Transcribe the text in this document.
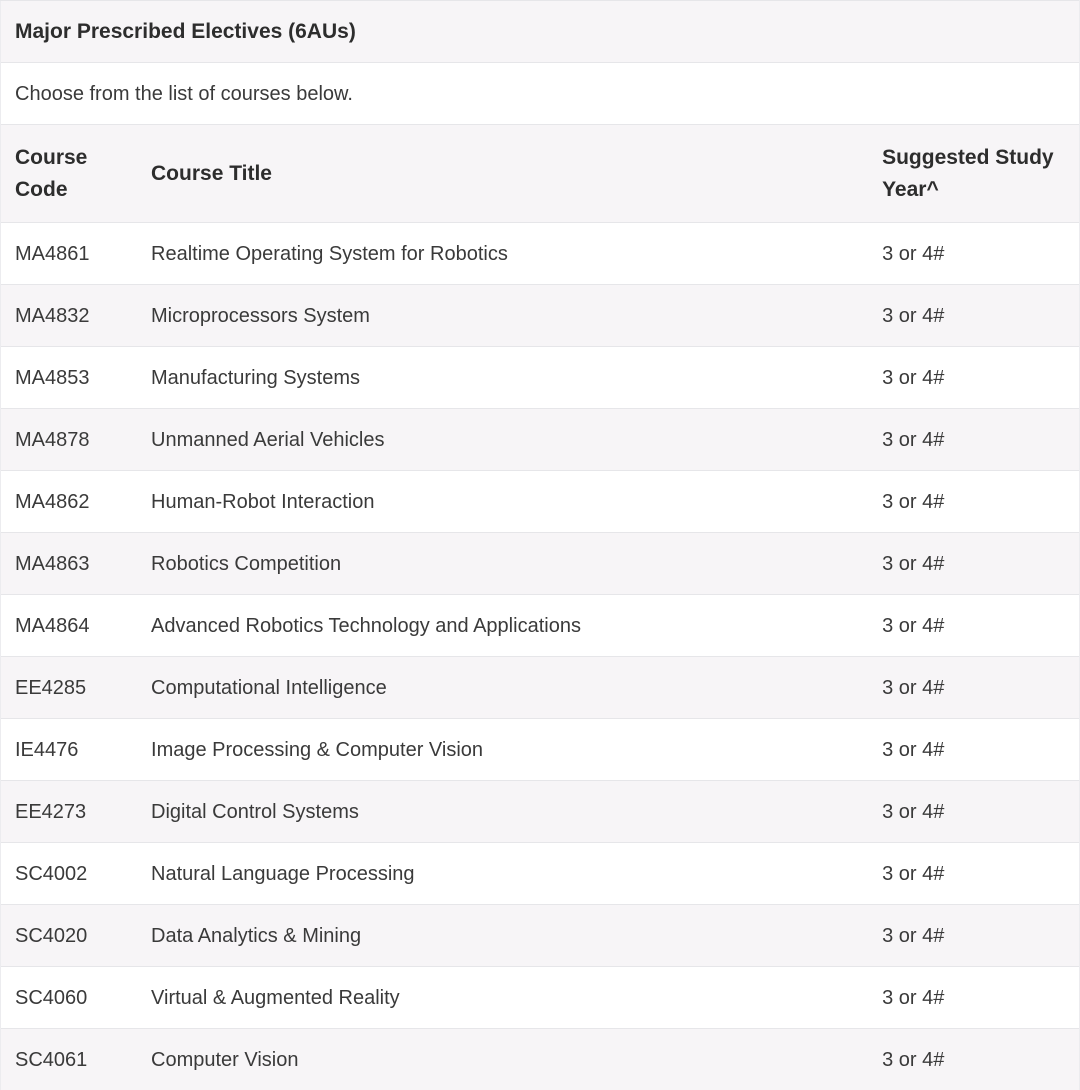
Major Prescribed Electives (6AUs)		
Choose from the list of courses below.		
Course Code	Course Title	Suggested Study Year^
MA4861	Realtime Operating System for Robotics	3 or 4#
MA4832	Microprocessors System	3 or 4#
MA4853	Manufacturing Systems	3 or 4#
MA4878	Unmanned Aerial Vehicles	3 or 4#
MA4862	Human-Robot Interaction	3 or 4#
MA4863	Robotics Competition	3 or 4#
MA4864	Advanced Robotics Technology and Applications	3 or 4#
EE4285	Computational Intelligence	3 or 4#
IE4476	Image Processing & Computer Vision	3 or 4#
EE4273	Digital Control Systems	3 or 4#
SC4002	Natural Language Processing	3 or 4#
SC4020	Data Analytics & Mining	3 or 4#
SC4060	Virtual & Augmented Reality	3 or 4#
SC4061	Computer Vision	3 or 4#
